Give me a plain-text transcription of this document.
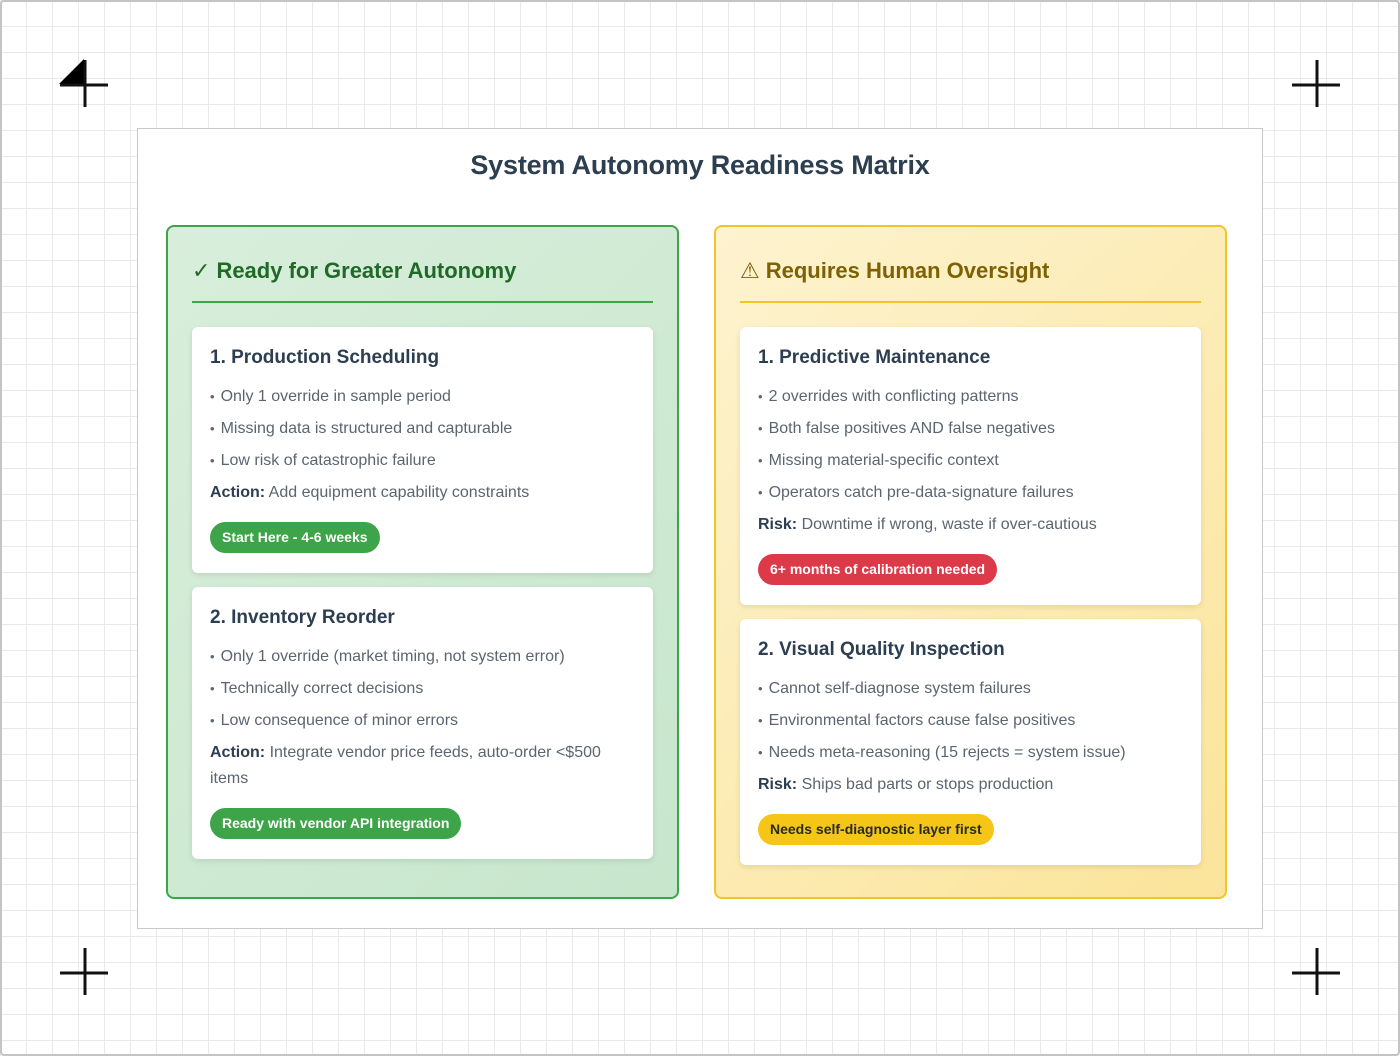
System Autonomy Readiness Matrix
✓ Ready for Greater Autonomy
1. Production Scheduling
• Only 1 override in sample period
• Missing data is structured and capturable
• Low risk of catastrophic failure
Action: Add equipment capability constraints
Start Here - 4-6 weeks
2. Inventory Reorder
• Only 1 override (market timing, not system error)
• Technically correct decisions
• Low consequence of minor errors
Action: Integrate vendor price feeds, auto-order <$500 items
Ready with vendor API integration
⚠ Requires Human Oversight
1. Predictive Maintenance
• 2 overrides with conflicting patterns
• Both false positives AND false negatives
• Missing material-specific context
• Operators catch pre-data-signature failures
Risk: Downtime if wrong, waste if over-cautious
6+ months of calibration needed
2. Visual Quality Inspection
• Cannot self-diagnose system failures
• Environmental factors cause false positives
• Needs meta-reasoning (15 rejects = system issue)
Risk: Ships bad parts or stops production
Needs self-diagnostic layer first
